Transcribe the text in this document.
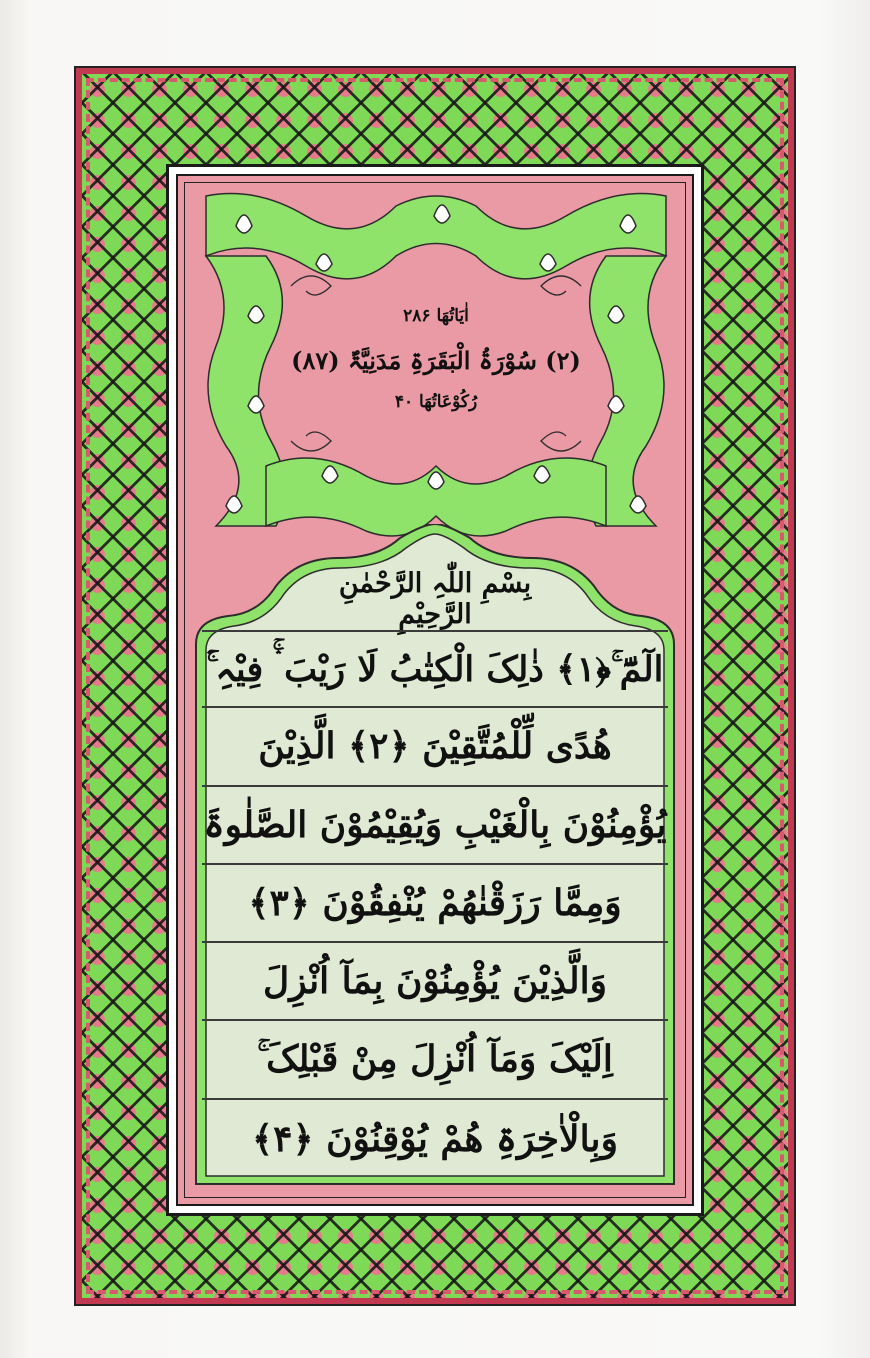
اٰیَاتُھَا ۲۸۶
(۲) سُوْرَۃُ الْبَقَرَۃِ مَدَنِیَّۃٌ (۸۷)
رُکُوْعَاتُھَا ۴۰
بِسْمِ اللّٰہِ الرَّحْمٰنِ الرَّحِیْمِ
الٓمّٓ ۚ﴿۱﴾ ذٰلِکَ الْکِتٰبُ لَا رَیْبَ ۛۚ فِیْہِ ۚۛ
ھُدًی لِّلْمُتَّقِیْنَ ﴿۲﴾ الَّذِیْنَ
یُؤْمِنُوْنَ بِالْغَیْبِ وَیُقِیْمُوْنَ الصَّلٰوۃَ
وَمِمَّا رَزَقْنٰھُمْ یُنْفِقُوْنَ ﴿۳﴾
وَالَّذِیْنَ یُؤْمِنُوْنَ بِمَآ اُنْزِلَ
اِلَیْکَ وَمَآ اُنْزِلَ مِنْ قَبْلِکَ ۚ
وَبِالْاٰخِرَۃِ ھُمْ یُوْقِنُوْنَ ﴿۴﴾
